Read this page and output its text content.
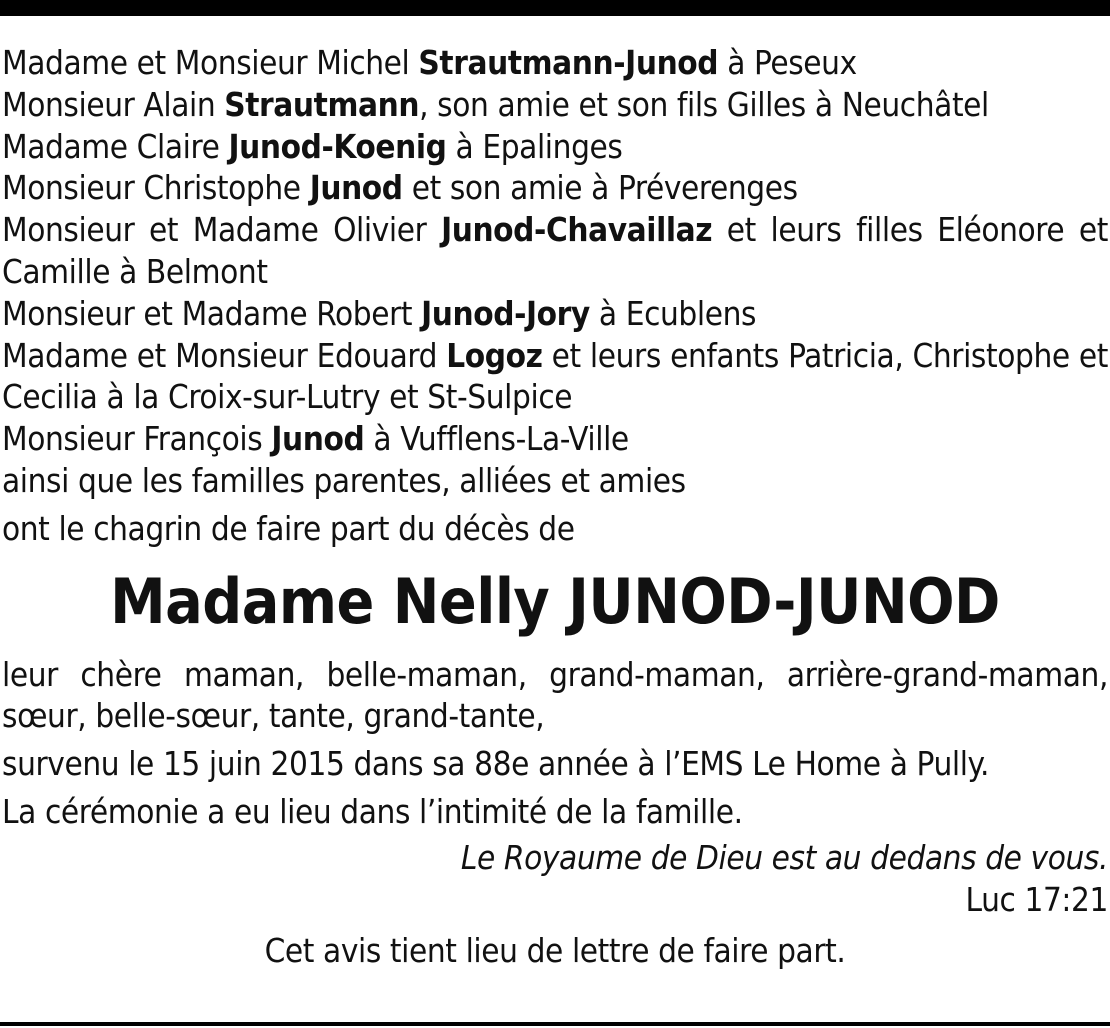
Madame et Monsieur Michel Strautmann-Junod à Peseux
Monsieur Alain Strautmann, son amie et son fils Gilles à Neuchâtel
Madame Claire Junod-Koenig à Epalinges
Monsieur Christophe Junod et son amie à Préverenges
Monsieur et Madame Olivier Junod-Chavaillaz et leurs filles Eléonore et
Camille à Belmont
Monsieur et Madame Robert Junod-Jory à Ecublens
Madame et Monsieur Edouard Logoz et leurs enfants Patricia, Christophe et
Cecilia à la Croix-sur-Lutry et St-Sulpice
Monsieur François Junod à Vufflens-La-Ville
ainsi que les familles parentes, alliées et amies
ont le chagrin de faire part du décès de
Madame Nelly JUNOD-JUNOD
leur chère maman, belle-maman, grand-maman, arrière-grand-maman,
sœur, belle-sœur, tante, grand-tante,
survenu le 15 juin 2015 dans sa 88e année à l’EMS Le Home à Pully.
La cérémonie a eu lieu dans l’intimité de la famille.
Le Royaume de Dieu est au dedans de vous.
Luc 17:21
Cet avis tient lieu de lettre de faire part.
